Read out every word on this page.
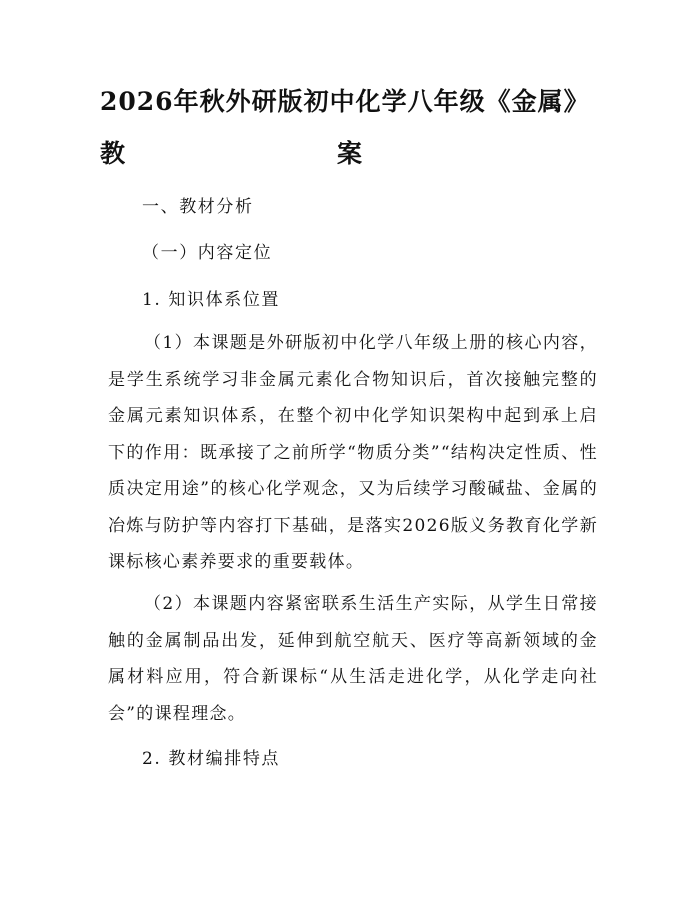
2026年秋外研版初中化学八年级《金属》教	案
一、教材分析
（一）内容定位
1. 知识体系位置
（1）本课题是外研版初中化学八年级上册的核心内容，是学生系统学习非金属元素化合物知识后，首次接触完整的金属元素知识体系，在整个初中化学知识架构中起到承上启下的作用：既承接了之前所学“物质分类”“结构决定性质、性质决定用途”的核心化学观念，又为后续学习酸碱盐、金属的冶炼与防护等内容打下基础，是落实2026版义务教育化学新课标核心素养要求的重要载体。
（2）本课题内容紧密联系生活生产实际，从学生日常接触的金属制品出发，延伸到航空航天、医疗等高新领域的金属材料应用，符合新课标“从生活走进化学，从化学走向社会”的课程理念。
2. 教材编排特点
